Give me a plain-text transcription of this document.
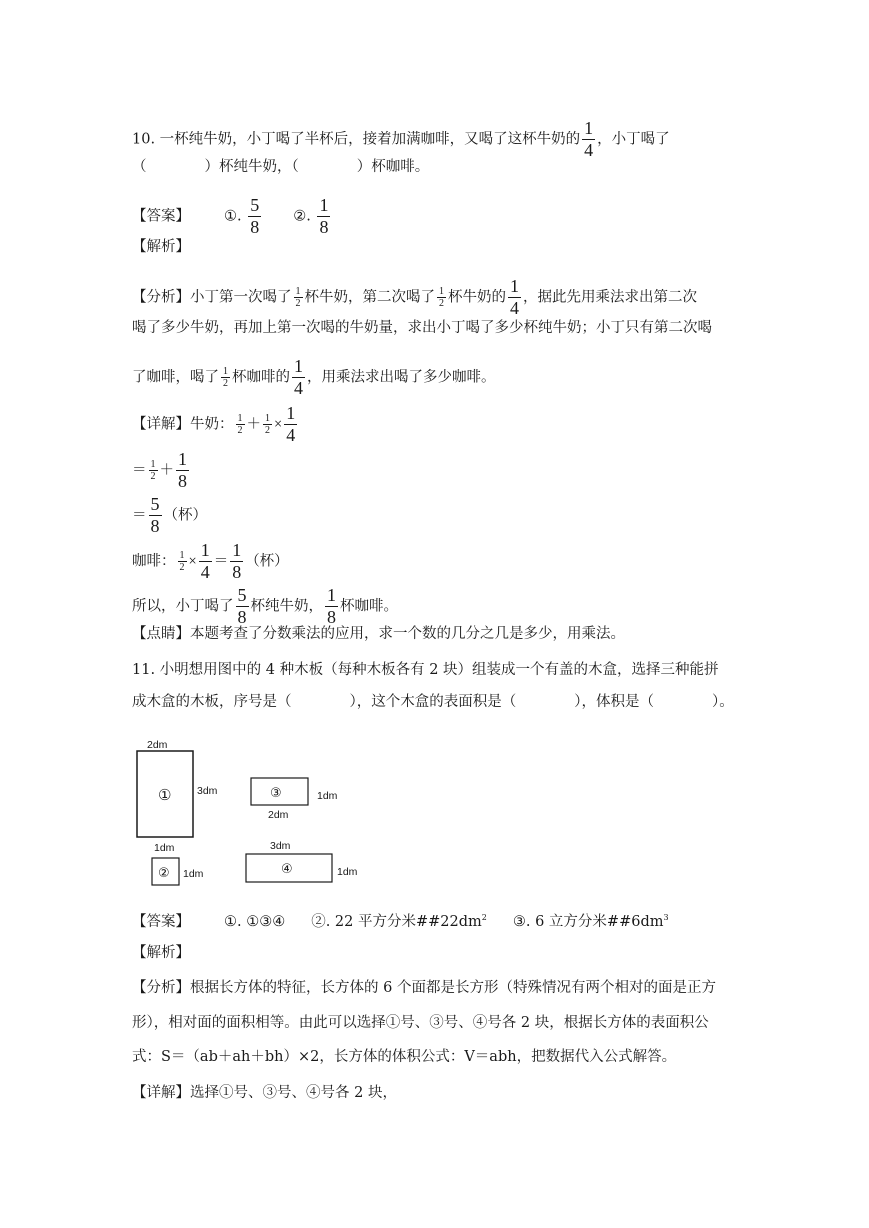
10. 一杯纯牛奶，小丁喝了半杯后，接着加满咖啡，又喝了这杯牛奶的 $\frac{1}{4}$ ，小丁喝了
（	）杯纯牛奶，（	）杯咖啡。
【答案】 ①. $\frac{5}{8}$ ②. $\frac{1}{8}$
【解析】
【分析】小丁第一次喝了 $\frac{1}{2}$ 杯牛奶，第二次喝了 $\frac{1}{2}$ 杯牛奶的 $\frac{1}{4}$ ，据此先用乘法求出第二次
喝了多少牛奶，再加上第一次喝的牛奶量，求出小丁喝了多少杯纯牛奶；小丁只有第二次喝
了咖啡，喝了 $\frac{1}{2}$ 杯咖啡的 $\frac{1}{4}$ ，用乘法求出喝了多少咖啡。
【详解】牛奶： $\frac{1}{2} + \frac{1}{2} \times \frac{1}{4}$
＝ $\frac{1}{2} + \frac{1}{8}$
＝ $\frac{5}{8}$ （杯）
咖啡： $\frac{1}{2} \times \frac{1}{4} = \frac{1}{8}$ （杯）
所以，小丁喝了 $\frac{5}{8}$ 杯纯牛奶， $\frac{1}{8}$ 杯咖啡。
【点睛】本题考查了分数乘法的应用，求一个数的几分之几是多少，用乘法。
11. 小明想用图中的 4 种木板（每种木板各有 2 块）组装成一个有盖的木盒，选择三种能拼
成木盒的木板，序号是（	），这个木盒的表面积是（	），体积是（	）。
2dm
3dm
1dm
①
② 1dm
③	1dm
2dm
3dm
④	1dm
【答案】 ①. ①③④ ②. 22 平方分米$\#\#22dm^2$ ③. 6 立方分米$\#\#6dm^3$
【解析】
【分析】根据长方体的特征，长方体的 6 个面都是长方形（特殊情况有两个相对的面是正方
形），相对面的面积相等。由此可以选择①号、③号、④号各 2 块，根据长方体的表面积公
式：S＝（ab＋ah＋bh）×2，长方体的体积公式：V＝abh，把数据代入公式解答。
【详解】选择①号、③号、④号各 2 块，
